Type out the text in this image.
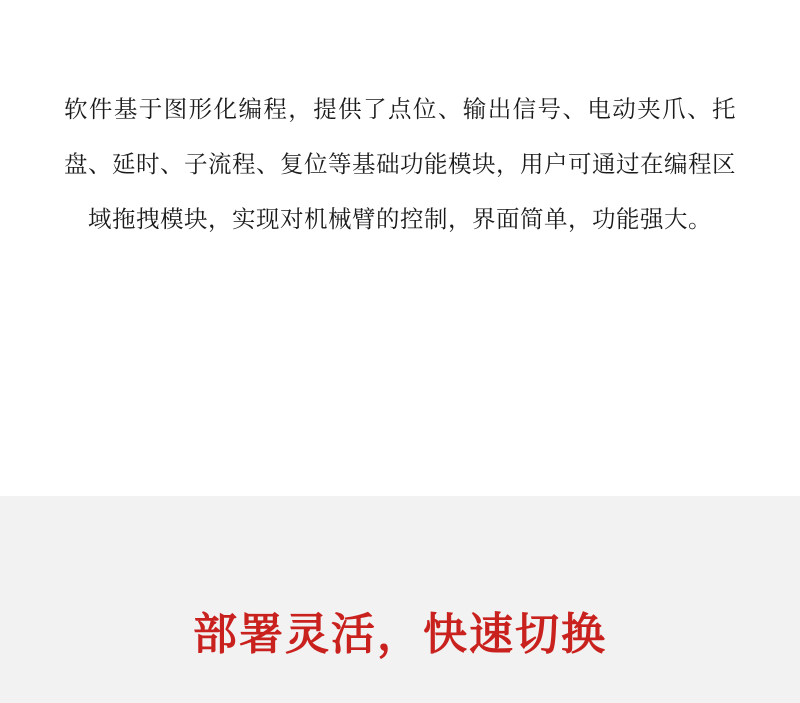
软件基于图形化编程，提供了点位、输出信号、电动夹爪、托盘、延时、子流程、复位等基础功能模块，用户可通过在编程区域拖拽模块，实现对机械臂的控制，界面简单，功能强大。

部署灵活，快速切换
